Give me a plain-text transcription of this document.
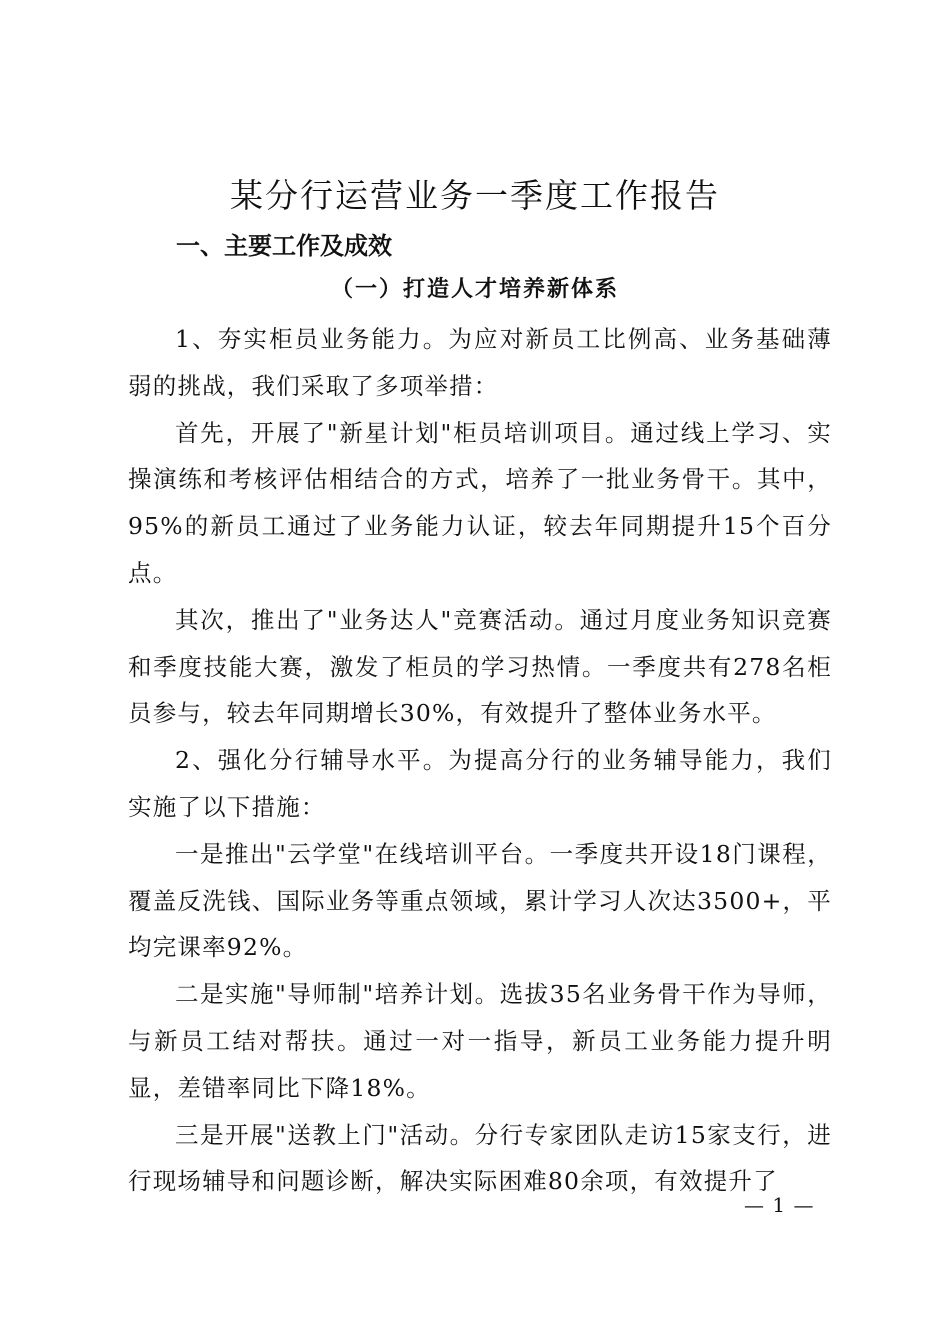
某分行运营业务一季度工作报告
一、主要工作及成效
（一）打造人才培养新体系

1、夯实柜员业务能力。为应对新员工比例高、业务基础薄弱的挑战，我们采取了多项举措：

首先，开展了"新星计划"柜员培训项目。通过线上学习、实操演练和考核评估相结合的方式，培养了一批业务骨干。其中，95%的新员工通过了业务能力认证，较去年同期提升15个百分点。

其次，推出了"业务达人"竞赛活动。通过月度业务知识竞赛和季度技能大赛，激发了柜员的学习热情。一季度共有278名柜员参与，较去年同期增长30%，有效提升了整体业务水平。

2、强化分行辅导水平。为提高分行的业务辅导能力，我们实施了以下措施：

一是推出"云学堂"在线培训平台。一季度共开设18门课程，覆盖反洗钱、国际业务等重点领域，累计学习人次达3500+，平均完课率92%。

二是实施"导师制"培养计划。选拔35名业务骨干作为导师，与新员工结对帮扶。通过一对一指导，新员工业务能力提升明显，差错率同比下降18%。

三是开展"送教上门"活动。分行专家团队走访15家支行，进行现场辅导和问题诊断，解决实际困难80余项，有效提升了

— 1 —
